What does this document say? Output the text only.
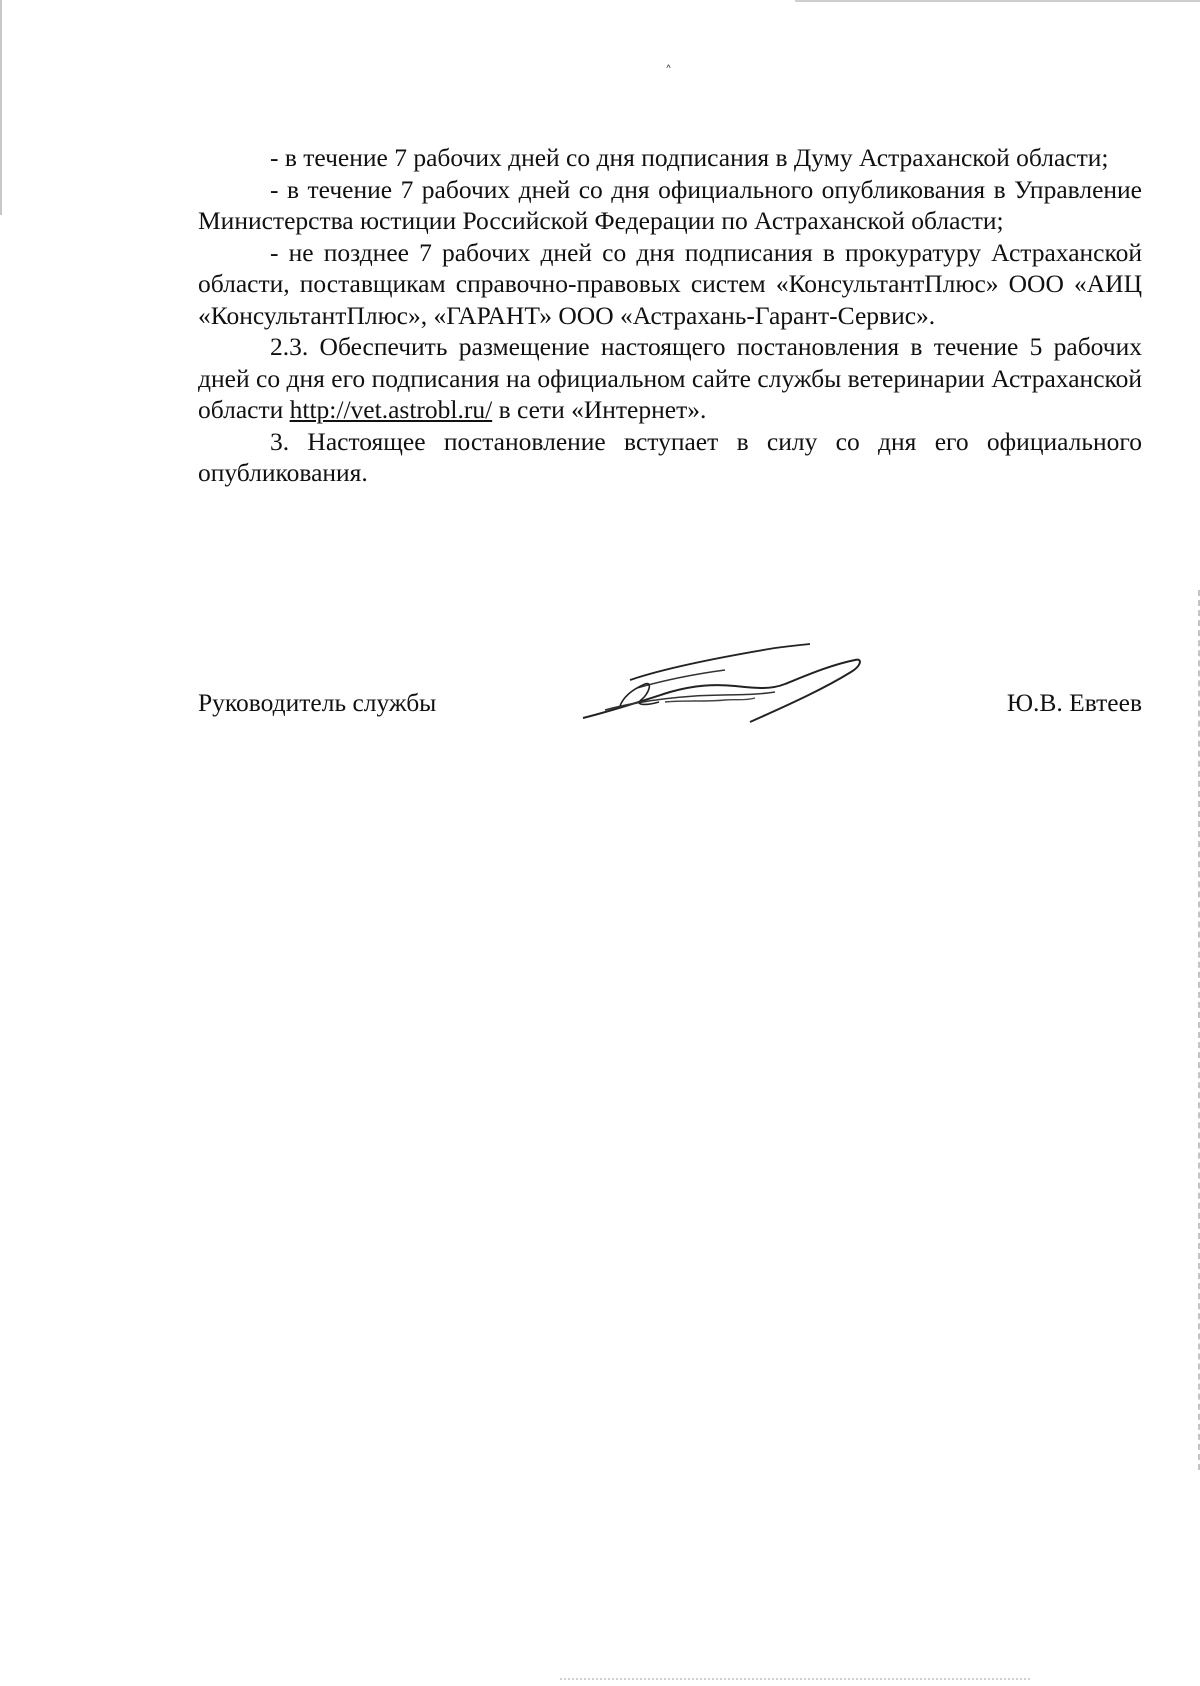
˄

- в течение 7 рабочих дней со дня подписания в Думу Астраханской области;

- в течение 7 рабочих дней со дня официального опубликования в Управление Министерства юстиции Российской Федерации по Астраханской области;

- не позднее 7 рабочих дней со дня подписания в прокуратуру Астраханской области, поставщикам справочно-правовых систем «КонсультантПлюс» ООО «АИЦ «КонсультантПлюс», «ГАРАНТ» ООО «Астрахань-Гарант-Сервис».

2.3. Обеспечить размещение настоящего постановления в течение 5 рабочих дней со дня его подписания на официальном сайте службы ветеринарии Астраханской области http://vet.astrobl.ru/ в сети «Интернет».

3. Настоящее постановление вступает в силу со дня его официального опубликования.

Руководитель службы	Ю.В. Евтеев
